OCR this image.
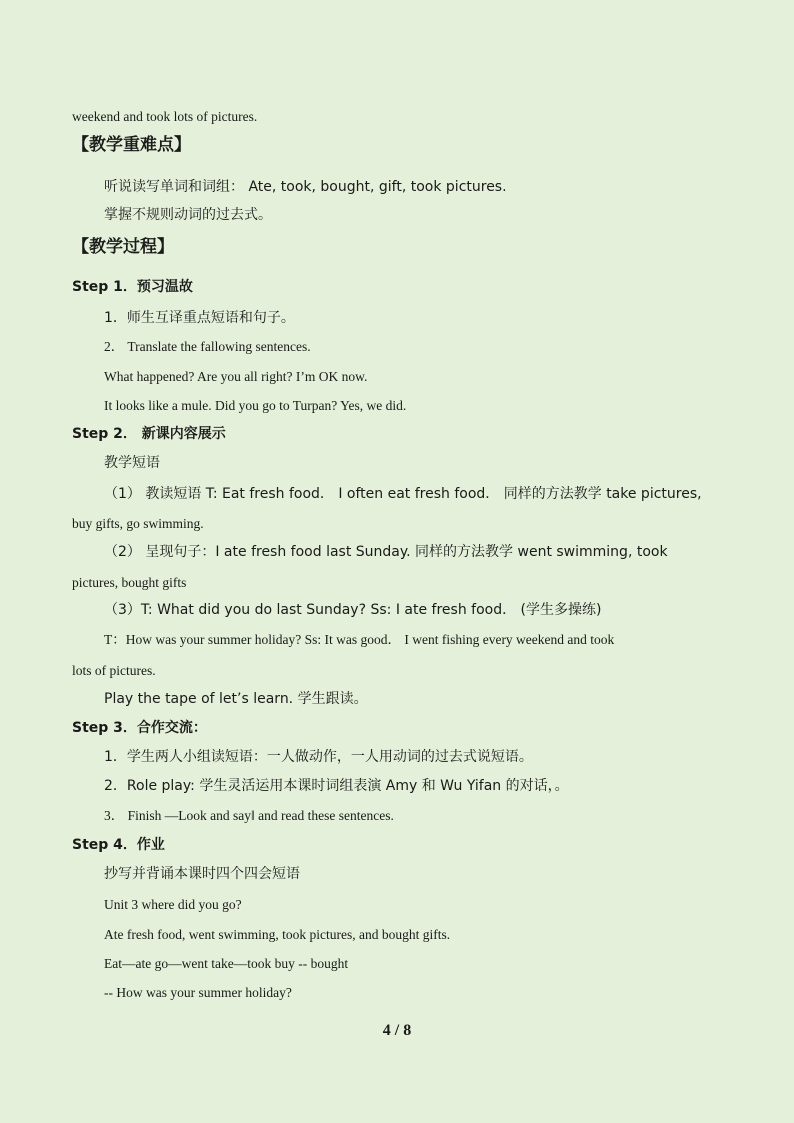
weekend and took lots of pictures.
【教学重难点】
听说读写单词和词组： Ate, took, bought, gift, took pictures.
掌握不规则动词的过去式。
【教学过程】
Step 1．预习温故
1．师生互译重点短语和句子。
2． Translate the fallowing sentences.
What happened? Are you all right? I’m OK now.
It looks like a mule. Did you go to Turpan? Yes, we did.
Step 2． 新课内容展示
教学短语
（1） 教读短语 T: Eat fresh food． I often eat fresh food． 同样的方法教学 take pictures,
buy gifts, go swimming.
（2） 呈现句子：I ate fresh food last Sunday. 同样的方法教学 went swimming, took
pictures, bought gifts
（3）T: What did you do last Sunday? Ss: I ate fresh food． (学生多操练)
T：How was your summer holiday? Ss: It was good． I went fishing every weekend and took
lots of pictures.
Play the tape of let’s learn. 学生跟读。
Step 3．合作交流：
1．学生两人小组读短语：一人做动作，一人用动词的过去式说短语。
2．Role play: 学生灵活运用本课时词组表演 Amy 和 Wu Yifan 的对话，。
3． Finish —Look and say‖ and read these sentences.
Step 4．作业
抄写并背诵本课时四个四会短语
Unit 3 where did you go?
Ate fresh food, went swimming, took pictures, and bought gifts.
Eat—ate go—went take—took buy -- bought
-- How was your summer holiday?
4 / 8
